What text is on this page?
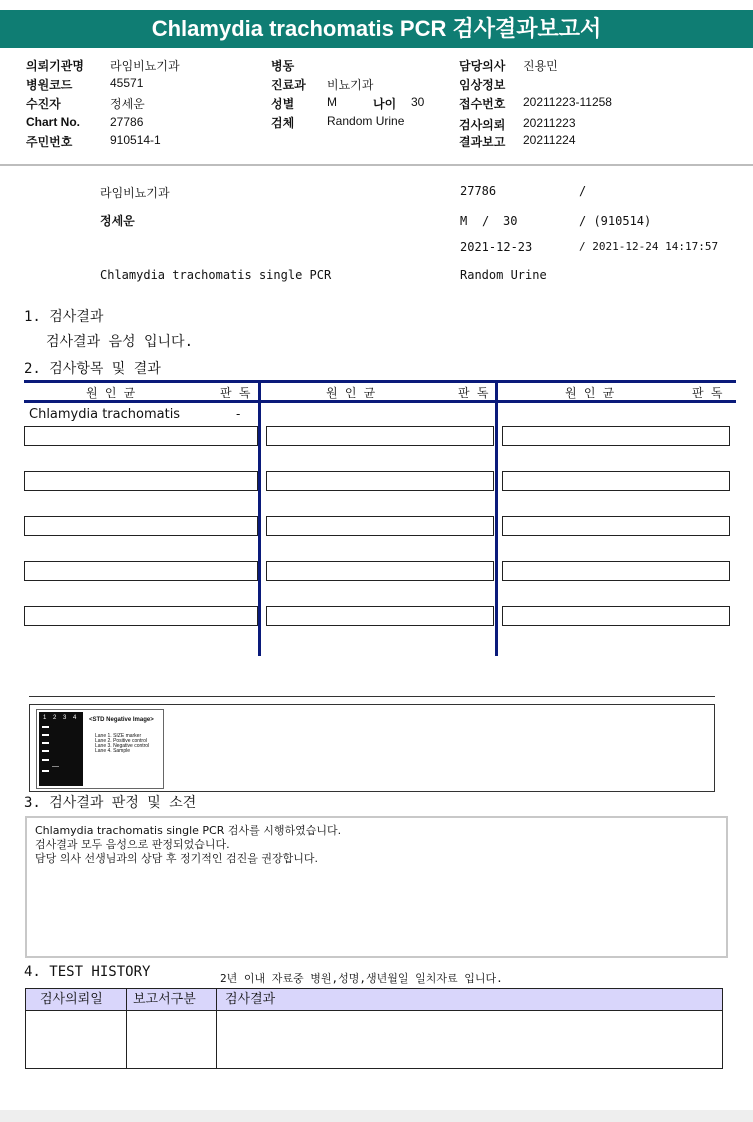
Chlamydia trachomatis PCR 검사결과보고서
의뢰기관명 라임비뇨기과
병원코드	45571
수진자	정세운
Chart No.	27786
주민번호	910514-1
병동
진료과 비뇨기과
성별	M	나이 30
검체	Random Urine
담당의사 진용민
임상정보
접수번호 20211223-11258
검사의뢰 20211223
결과보고 20211224
라임비뇨기과	27786	/
정세운	M / 30	/ (910514)
2021-12-23	/ 2021-12-24 14:17:57
Chlamydia trachomatis single PCR	Random Urine
1. 검사결과
검사결과 음성 입니다.
2. 검사항목 및 결과
원 인 균	판 독	원 인 균	판 독	원 인 균	판 독
Chlamydia trachomatis	-
1 2 3 4 <STD Negative Image>
Lane 1. SIZE marker
Lane 2. Positive control
Lane 3. Negative control
Lane 4. Sample
3. 검사결과 판정 및 소견
Chlamydia trachomatis single PCR 검사를 시행하였습니다.
검사결과 모두 음성으로 판정되었습니다.
담당 의사 선생님과의 상담 후 정기적인 검진을 권장합니다.
4. TEST HISTORY	2년 이내 자료중 병원,성명,생년월일 일치자료 입니다.
검사의뢰일 보고서구분 검사결과
